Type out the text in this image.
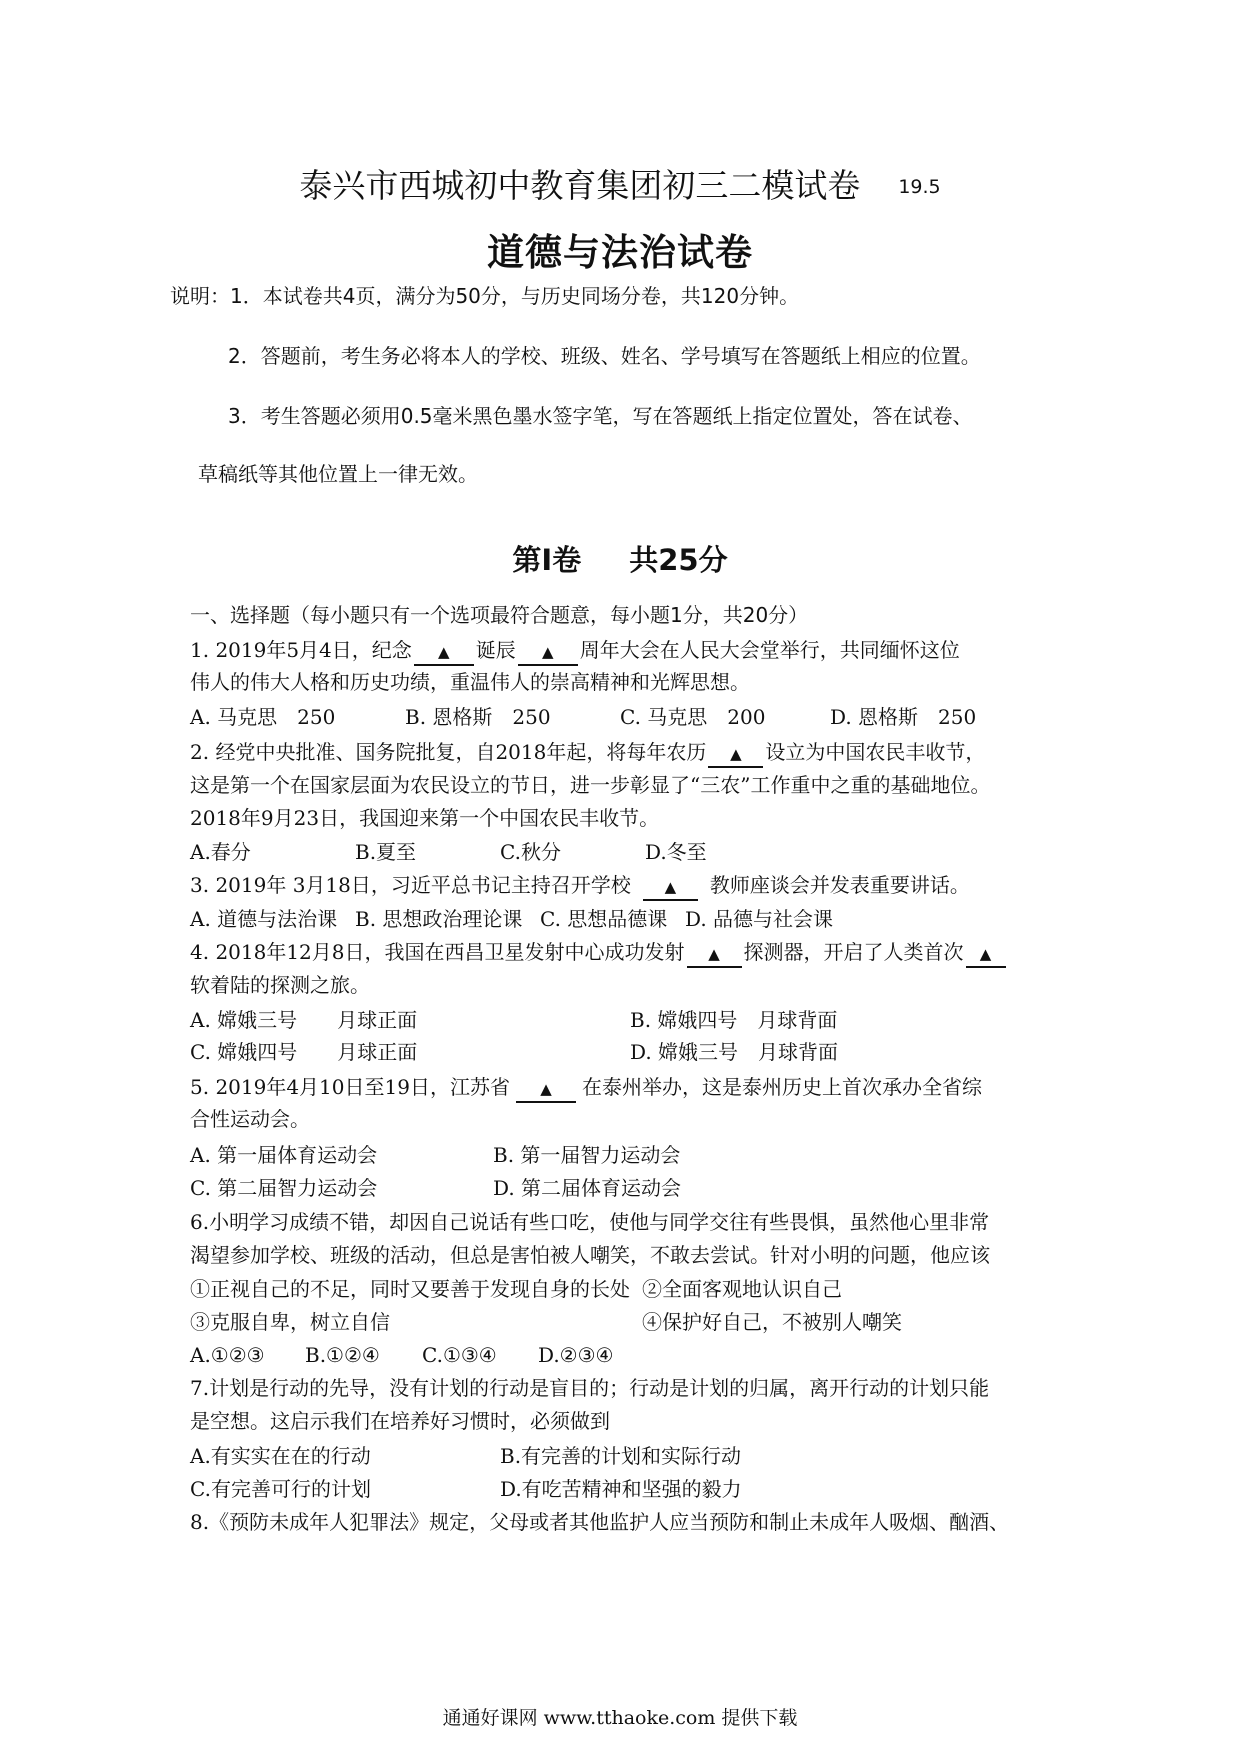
泰兴市西城初中教育集团初三二模试卷 19.5
道德与法治试卷
说明：1．本试卷共4页，满分为50分，与历史同场分卷，共120分钟。
2．答题前，考生务必将本人的学校、班级、姓名、学号填写在答题纸上相应的位置。
3．考生答题必须用0.5毫米黑色墨水签字笔，写在答题纸上指定位置处，答在试卷、
草稿纸等其他位置上一律无效。
第Ⅰ卷 共25分
一、选择题（每小题只有一个选项最符合题意，每小题1分，共20分）
1. 2019年5月4日，纪念 ▲ 诞辰 ▲ 周年大会在人民大会堂举行，共同缅怀这位
伟人的伟大人格和历史功绩，重温伟人的崇高精神和光辉思想。
A. 马克思　250	B. 恩格斯　250	C. 马克思　200	D. 恩格斯　250
2. 经党中央批准、国务院批复，自2018年起，将每年农历 ▲ 设立为中国农民丰收节，
这是第一个在国家层面为农民设立的节日，进一步彰显了“三农”工作重中之重的基础地位。
2018年9月23日，我国迎来第一个中国农民丰收节。
A.春分	B.夏至	C.秋分	D.冬至
3. 2019年 3月18日，习近平总书记主持召开学校 ▲ 教师座谈会并发表重要讲话。
A. 道德与法治课 B. 思想政治理论课 C. 思想品德课 D. 品德与社会课
4. 2018年12月8日，我国在西昌卫星发射中心成功发射 ▲ 探测器，开启了人类首次 ▲
软着陆的探测之旅。
A. 嫦娥三号　　月球正面	B. 嫦娥四号　月球背面
C. 嫦娥四号　　月球正面	D. 嫦娥三号　月球背面
5. 2019年4月10日至19日，江苏省 ▲ 在泰州举办，这是泰州历史上首次承办全省综
合性运动会。
A. 第一届体育运动会	B. 第一届智力运动会
C. 第二届智力运动会	D. 第二届体育运动会
6.小明学习成绩不错，却因自己说话有些口吃，使他与同学交往有些畏惧，虽然他心里非常
渴望参加学校、班级的活动，但总是害怕被人嘲笑，不敢去尝试。针对小明的问题，他应该
①正视自己的不足，同时又要善于发现自身的长处 ②全面客观地认识自己
③克服自卑，树立自信	④保护好自己，不被别人嘲笑
A.①②③ B.①②④ C.①③④ D.②③④
7.计划是行动的先导，没有计划的行动是盲目的；行动是计划的归属，离开行动的计划只能
是空想。这启示我们在培养好习惯时，必须做到
A.有实实在在的行动	B.有完善的计划和实际行动
C.有完善可行的计划	D.有吃苦精神和坚强的毅力
8.《预防未成年人犯罪法》规定，父母或者其他监护人应当预防和制止未成年人吸烟、酗酒、
通通好课网 www.tthaoke.com 提供下载
